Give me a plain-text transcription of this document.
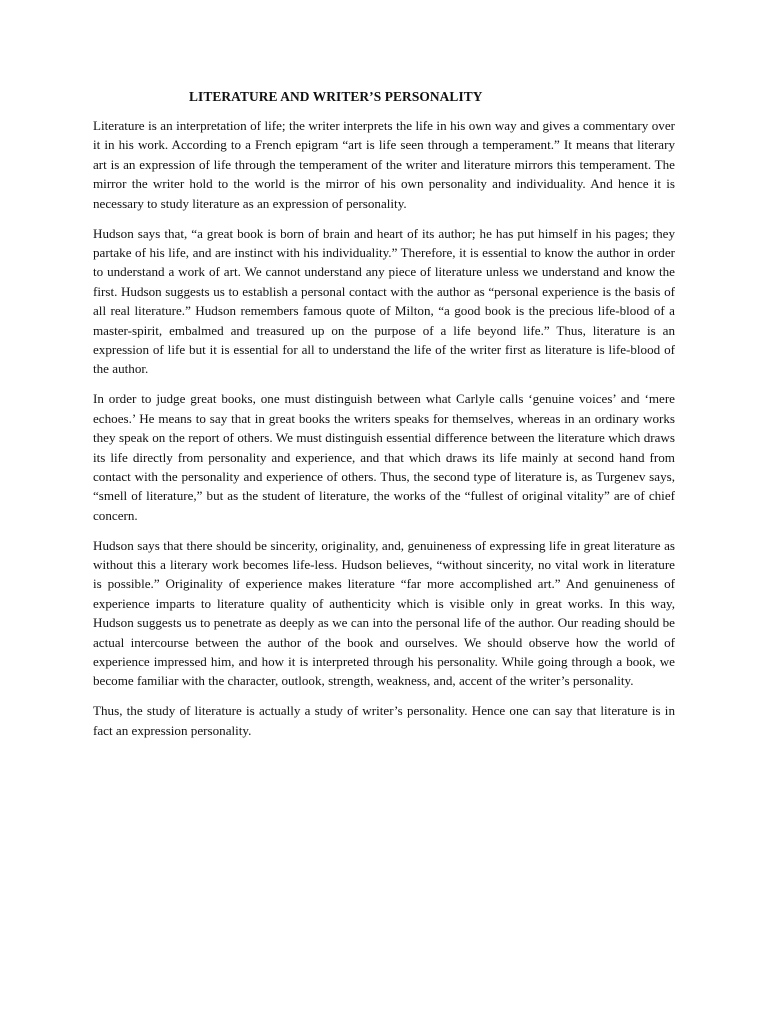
LITERATURE AND WRITER’S PERSONALITY

Literature is an interpretation of life; the writer interprets the life in his own way and gives a commentary over it in his work. According to a French epigram “art is life seen through a temperament.” It means that literary art is an expression of life through the temperament of the writer and literature mirrors this temperament. The mirror the writer hold to the world is the mirror of his own personality and individuality. And hence it is necessary to study literature as an expression of personality.

Hudson says that, “a great book is born of brain and heart of its author; he has put himself in his pages; they partake of his life, and are instinct with his individuality.” Therefore, it is essential to know the author in order to understand a work of art. We cannot understand any piece of literature unless we understand and know the first. Hudson suggests us to establish a personal contact with the author as “personal experience is the basis of all real literature.” Hudson remembers famous quote of Milton, “a good book is the precious life-blood of a master-spirit, embalmed and treasured up on the purpose of a life beyond life.” Thus, literature is an expression of life but it is essential for all to understand the life of the writer first as literature is life-blood of the author.

In order to judge great books, one must distinguish between what Carlyle calls ‘genuine voices’ and ‘mere echoes.’ He means to say that in great books the writers speaks for themselves, whereas in an ordinary works they speak on the report of others. We must distinguish essential difference between the literature which draws its life directly from personality and experience, and that which draws its life mainly at second hand from contact with the personality and experience of others. Thus, the second type of literature is, as Turgenev says, “smell of literature,” but as the student of literature, the works of the “fullest of original vitality” are of chief concern.

Hudson says that there should be sincerity, originality, and, genuineness of expressing life in great literature as without this a literary work becomes life-less. Hudson believes, “without sincerity, no vital work in literature is possible.” Originality of experience makes literature “far more accomplished art.” And genuineness of experience imparts to literature quality of authenticity which is visible only in great works. In this way, Hudson suggests us to penetrate as deeply as we can into the personal life of the author. Our reading should be actual intercourse between the author of the book and ourselves. We should observe how the world of experience impressed him, and how it is interpreted through his personality. While going through a book, we become familiar with the character, outlook, strength, weakness, and, accent of the writer’s personality.

Thus, the study of literature is actually a study of writer’s personality. Hence one can say that literature is in fact an expression personality.
